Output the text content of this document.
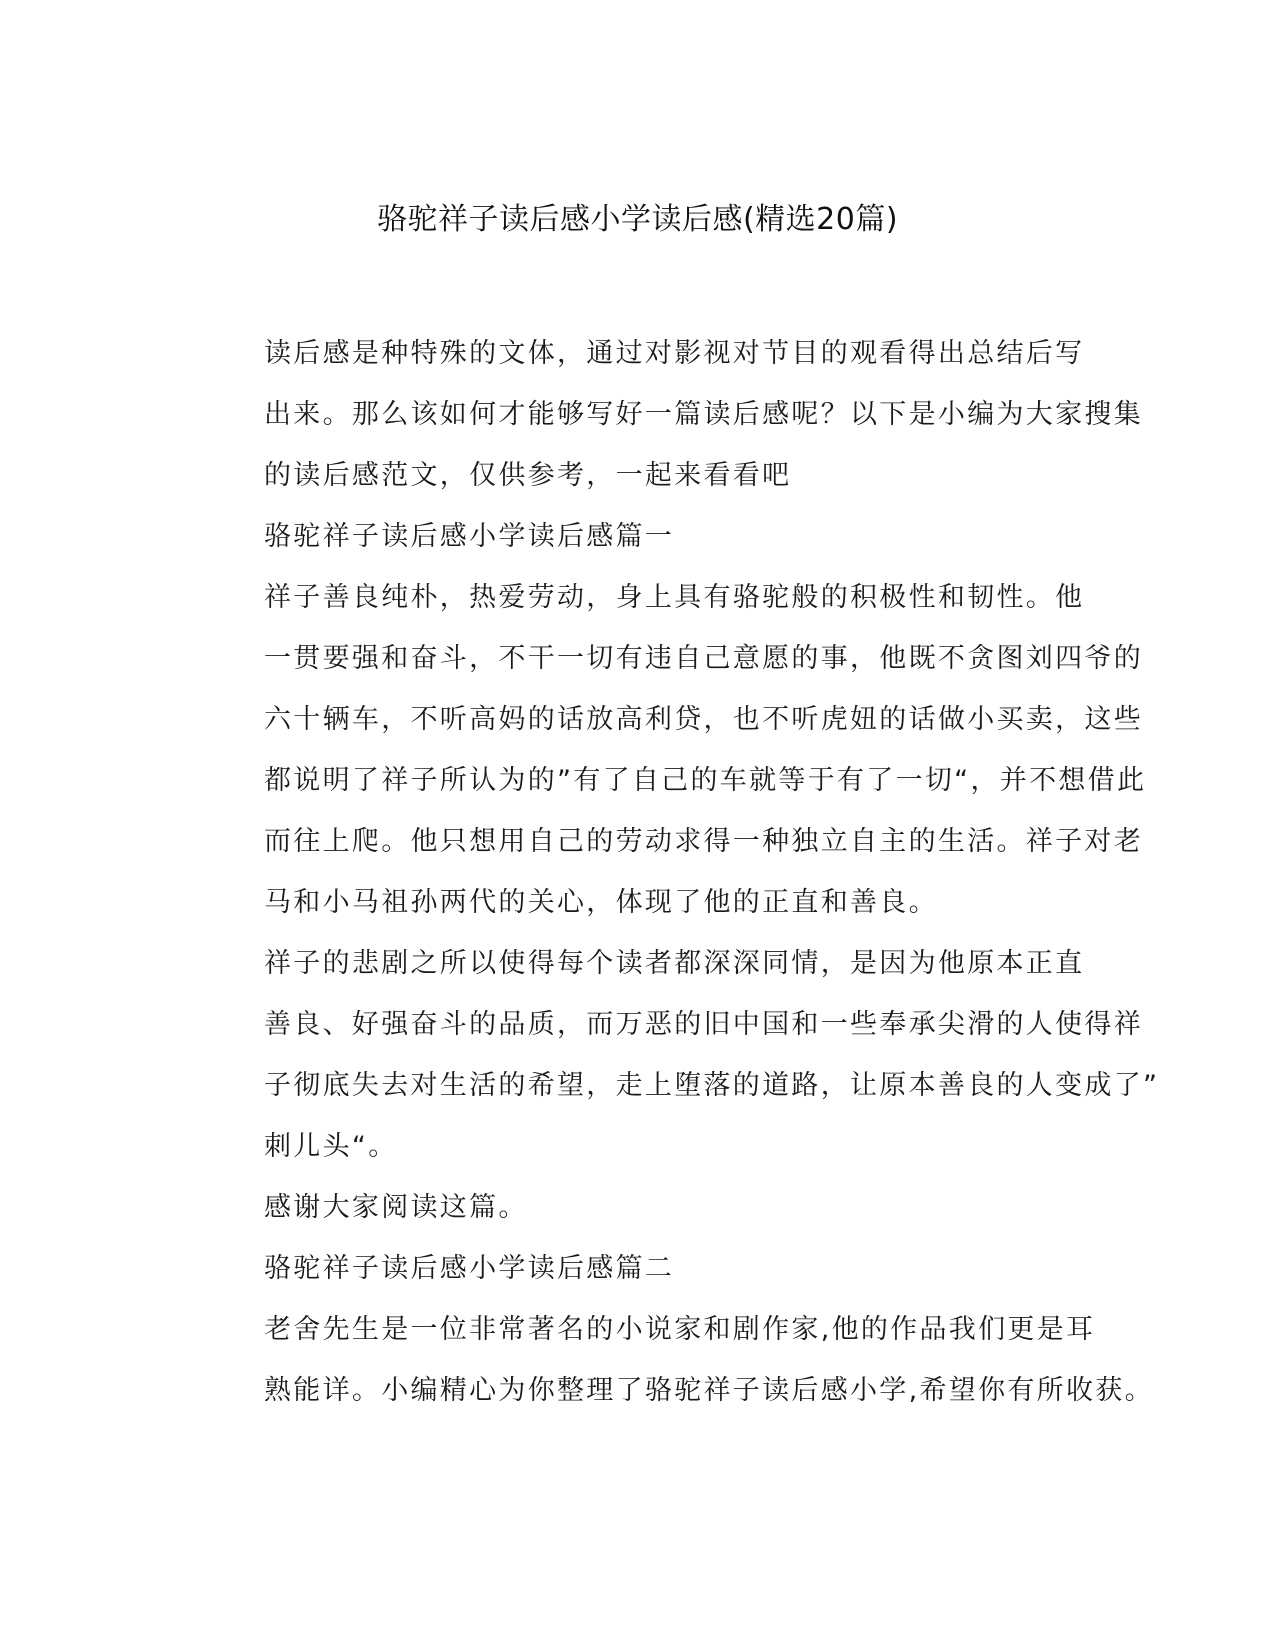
骆驼祥子读后感小学读后感(精选20篇)

读后感是种特殊的文体，通过对影视对节目的观看得出总结后写
出来。那么该如何才能够写好一篇读后感呢？以下是小编为大家搜集
的读后感范文，仅供参考，一起来看看吧

骆驼祥子读后感小学读后感篇一

祥子善良纯朴，热爱劳动，身上具有骆驼般的积极性和韧性。他
一贯要强和奋斗，不干一切有违自己意愿的事，他既不贪图刘四爷的
六十辆车，不听高妈的话放高利贷，也不听虎妞的话做小买卖，这些
都说明了祥子所认为的”有了自己的车就等于有了一切“，并不想借此
而往上爬。他只想用自己的劳动求得一种独立自主的生活。祥子对老
马和小马祖孙两代的关心，体现了他的正直和善良。

祥子的悲剧之所以使得每个读者都深深同情，是因为他原本正直
善良、好强奋斗的品质，而万恶的旧中国和一些奉承尖滑的人使得祥
子彻底失去对生活的希望，走上堕落的道路，让原本善良的人变成了”
刺儿头“。

感谢大家阅读这篇。

骆驼祥子读后感小学读后感篇二

老舍先生是一位非常著名的小说家和剧作家,他的作品我们更是耳
熟能详。小编精心为你整理了骆驼祥子读后感小学,希望你有所收获。
